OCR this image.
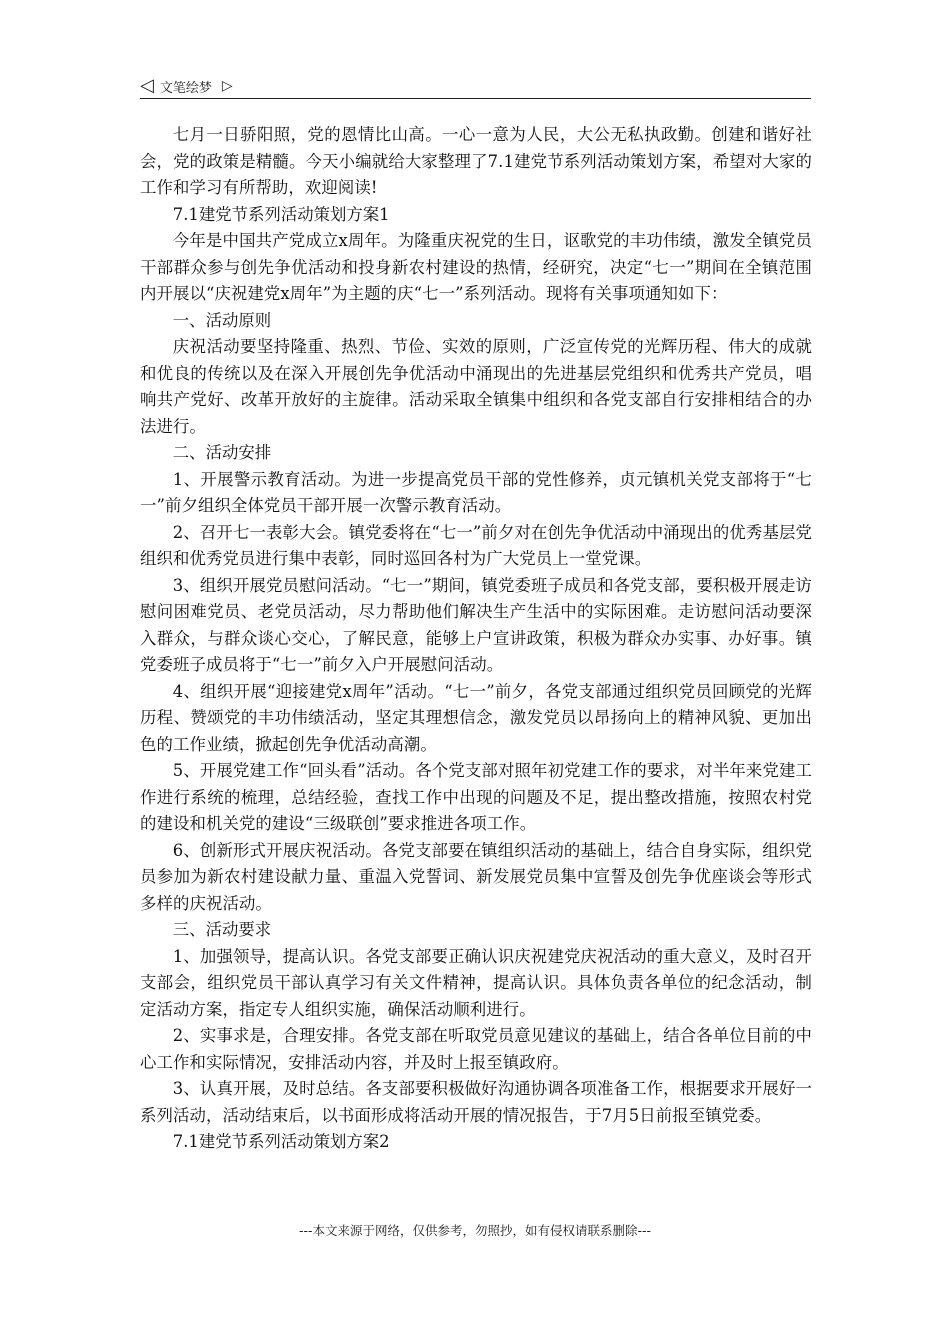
◁ 文笔绘梦 ▷

七月一日骄阳照，党的恩情比山高。一心一意为人民，大公无私执政勤。创建和谐好社会，党的政策是精髓。今天小编就给大家整理了7.1建党节系列活动策划方案，希望对大家的工作和学习有所帮助，欢迎阅读!

7.1建党节系列活动策划方案1

今年是中国共产党成立x周年。为隆重庆祝党的生日，讴歌党的丰功伟绩，激发全镇党员干部群众参与创先争优活动和投身新农村建设的热情，经研究，决定“七一”期间在全镇范围内开展以“庆祝建党x周年”为主题的庆“七一”系列活动。现将有关事项通知如下：

一、活动原则

庆祝活动要坚持隆重、热烈、节俭、实效的原则，广泛宣传党的光辉历程、伟大的成就和优良的传统以及在深入开展创先争优活动中涌现出的先进基层党组织和优秀共产党员，唱响共产党好、改革开放好的主旋律。活动采取全镇集中组织和各党支部自行安排相结合的办法进行。

二、活动安排

1、开展警示教育活动。为进一步提高党员干部的党性修养，贞元镇机关党支部将于“七一”前夕组织全体党员干部开展一次警示教育活动。

2、召开七一表彰大会。镇党委将在“七一”前夕对在创先争优活动中涌现出的优秀基层党组织和优秀党员进行集中表彰，同时巡回各村为广大党员上一堂党课。

3、组织开展党员慰问活动。“七一”期间，镇党委班子成员和各党支部，要积极开展走访慰问困难党员、老党员活动，尽力帮助他们解决生产生活中的实际困难。走访慰问活动要深入群众，与群众谈心交心，了解民意，能够上户宣讲政策，积极为群众办实事、办好事。镇党委班子成员将于“七一”前夕入户开展慰问活动。

4、组织开展“迎接建党x周年”活动。“七一”前夕，各党支部通过组织党员回顾党的光辉历程、赞颂党的丰功伟绩活动，坚定其理想信念，激发党员以昂扬向上的精神风貌、更加出色的工作业绩，掀起创先争优活动高潮。

5、开展党建工作“回头看”活动。各个党支部对照年初党建工作的要求，对半年来党建工作进行系统的梳理，总结经验，查找工作中出现的问题及不足，提出整改措施，按照农村党的建设和机关党的建设“三级联创”要求推进各项工作。

6、创新形式开展庆祝活动。各党支部要在镇组织活动的基础上，结合自身实际，组织党员参加为新农村建设献力量、重温入党誓词、新发展党员集中宣誓及创先争优座谈会等形式多样的庆祝活动。

三、活动要求

1、加强领导，提高认识。各党支部要正确认识庆祝建党庆祝活动的重大意义，及时召开支部会，组织党员干部认真学习有关文件精神，提高认识。具体负责各单位的纪念活动，制定活动方案，指定专人组织实施，确保活动顺利进行。

2、实事求是，合理安排。各党支部在听取党员意见建议的基础上，结合各单位目前的中心工作和实际情况，安排活动内容，并及时上报至镇政府。

3、认真开展，及时总结。各支部要积极做好沟通协调各项准备工作，根据要求开展好一系列活动，活动结束后，以书面形成将活动开展的情况报告，于7月5日前报至镇党委。

7.1建党节系列活动策划方案2

---本文来源于网络，仅供参考，勿照抄，如有侵权请联系删除---
